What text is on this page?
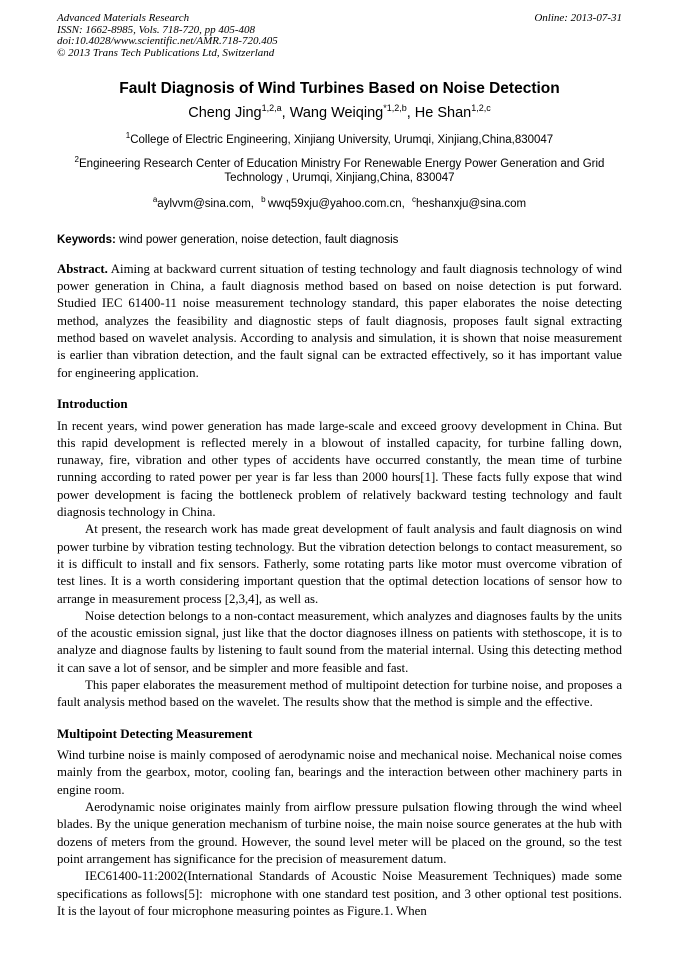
Advanced Materials Research
ISSN: 1662-8985, Vols. 718-720, pp 405-408
doi:10.4028/www.scientific.net/AMR.718-720.405
© 2013 Trans Tech Publications Ltd, Switzerland
Online: 2013-07-31
Fault Diagnosis of Wind Turbines Based on Noise Detection
Cheng Jing$^{1,2,a}$, Wang Weiqing$^{*1,2,b}$, He Shan$^{1,2,c}$
$^1$College of Electric Engineering, Xinjiang University, Urumqi, Xinjiang,China,830047
$^2$Engineering Research Center of Education Ministry For Renewable Energy Power Generation and Grid Technology , Urumqi, Xinjiang,China, 830047
$^a$aylvvm@sina.com, $^b$ wwq59xju@yahoo.com.cn, $^c$heshanxju@sina.com
Keywords: wind power generation, noise detection, fault diagnosis

Abstract. Aiming at backward current situation of testing technology and fault diagnosis technology of wind power generation in China, a fault diagnosis method based on based on noise detection is put forward. Studied IEC 61400-11 noise measurement technology standard, this paper elaborates the noise detecting method, analyzes the feasibility and diagnostic steps of fault diagnosis, proposes fault signal extracting method based on wavelet analysis. According to analysis and simulation, it is shown that noise measurement is earlier than vibration detection, and the fault signal can be extracted effectively, so it has important value for engineering application.

Introduction

In recent years, wind power generation has made large-scale and exceed groovy development in China. But this rapid development is reflected merely in a blowout of installed capacity, for turbine falling down, runaway, fire, vibration and other types of accidents have occurred constantly, the mean time of turbine running according to rated power per year is far less than 2000 hours[1]. These facts fully expose that wind power development is facing the bottleneck problem of relatively backward testing technology and fault diagnosis technology in China.

At present, the research work has made great development of fault analysis and fault diagnosis on wind power turbine by vibration testing technology. But the vibration detection belongs to contact measurement, so it is difficult to install and fix sensors. Fatherly, some rotating parts like motor must overcome vibration of test lines. It is a worth considering important question that the optimal detection locations of sensor how to arrange in measurement process [2,3,4], as well as.

Noise detection belongs to a non-contact measurement, which analyzes and diagnoses faults by the units of the acoustic emission signal, just like that the doctor diagnoses illness on patients with stethoscope, it is to analyze and diagnose faults by listening to fault sound from the material internal. Using this detecting method it can save a lot of sensor, and be simpler and more feasible and fast.

This paper elaborates the measurement method of multipoint detection for turbine noise, and proposes a fault analysis method based on the wavelet. The results show that the method is simple and the effective.

Multipoint Detecting Measurement

Wind turbine noise is mainly composed of aerodynamic noise and mechanical noise. Mechanical noise comes mainly from the gearbox, motor, cooling fan, bearings and the interaction between other machinery parts in engine room.

Aerodynamic noise originates mainly from airflow pressure pulsation flowing through the wind wheel blades. By the unique generation mechanism of turbine noise, the main noise source generates at the hub with dozens of meters from the ground. However, the sound level meter will be placed on the ground, so the test point arrangement has significance for the precision of measurement datum.

IEC61400-11:2002(International Standards of Acoustic Noise Measurement Techniques) made some specifications as follows[5]:  microphone with one standard test position, and 3 other optional test positions. It is the layout of four microphone measuring pointes as Figure.1. When
